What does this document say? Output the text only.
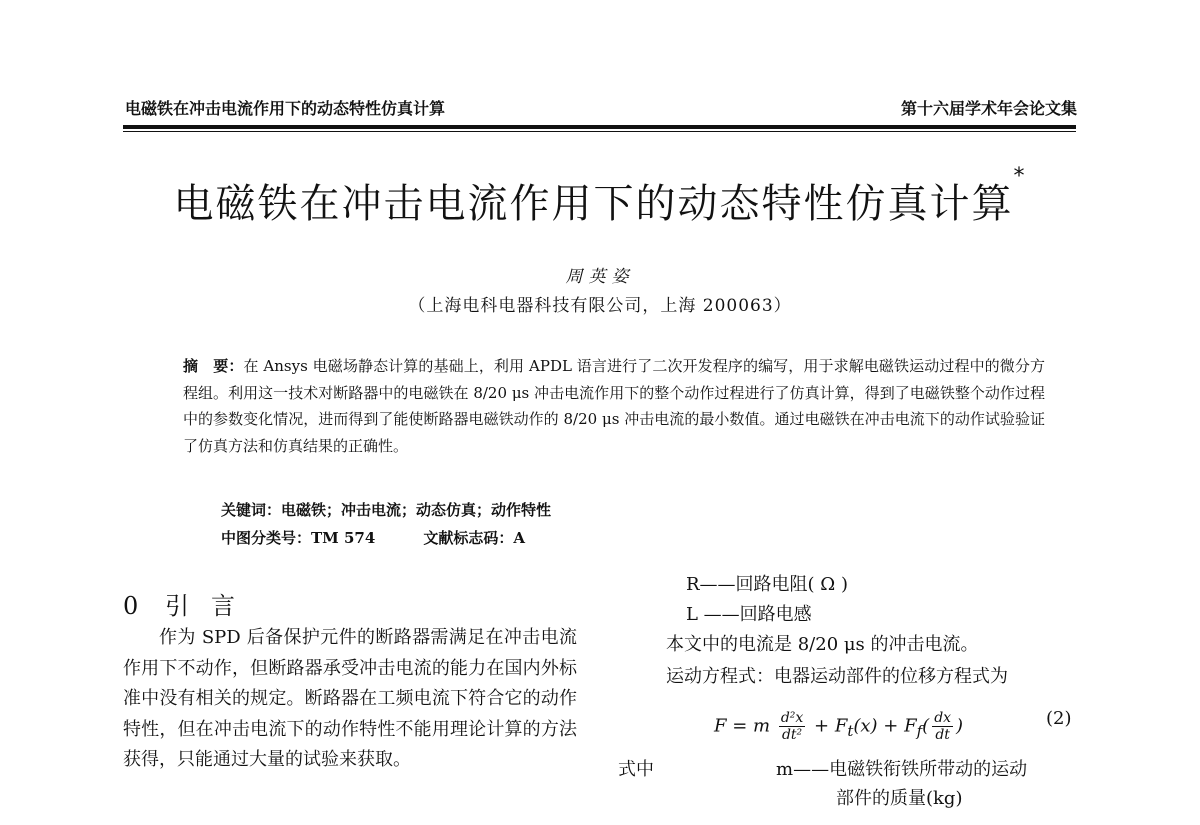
电磁铁在冲击电流作用下的动态特性仿真计算	第十六届学术年会论文集
电磁铁在冲击电流作用下的动态特性仿真计算*
周英姿
（上海电科电器科技有限公司，上海 200063）
摘　要：在 Ansys 电磁场静态计算的基础上，利用 APDL 语言进行了二次开发程序的编写，用于求解电磁铁运动过程中的微分方程组。利用这一技术对断路器中的电磁铁在 8/20 μs 冲击电流作用下的整个动作过程进行了仿真计算，得到了电磁铁整个动作过程中的参数变化情况，进而得到了能使断路器电磁铁动作的 8/20 μs 冲击电流的最小数值。通过电磁铁在冲击电流下的动作试验验证了仿真方法和仿真结果的正确性。
关键词：电磁铁；冲击电流；动态仿真；动作特性
中图分类号：TM 574	文献标志码：A
0 引言
作为 SPD 后备保护元件的断路器需满足在冲击电流作用下不动作，但断路器承受冲击电流的能力在国内外标准中没有相关的规定。断路器在工频电流下符合它的动作特性，但在冲击电流下的动作特性不能用理论计算的方法获得，只能通过大量的试验来获取。
R——回路电阻( Ω )
L ——回路电感
本文中的电流是 8/20 μs 的冲击电流。
运动方程式：电器运动部件的位移方程式为
F = m $\frac{\text{d²x}}{\text{dt²}} + F_t(x) + F_f( \frac{dx}{dt}$ )	(2)
式中	m——电磁铁衔铁所带动的运动
部件的质量(kg)
